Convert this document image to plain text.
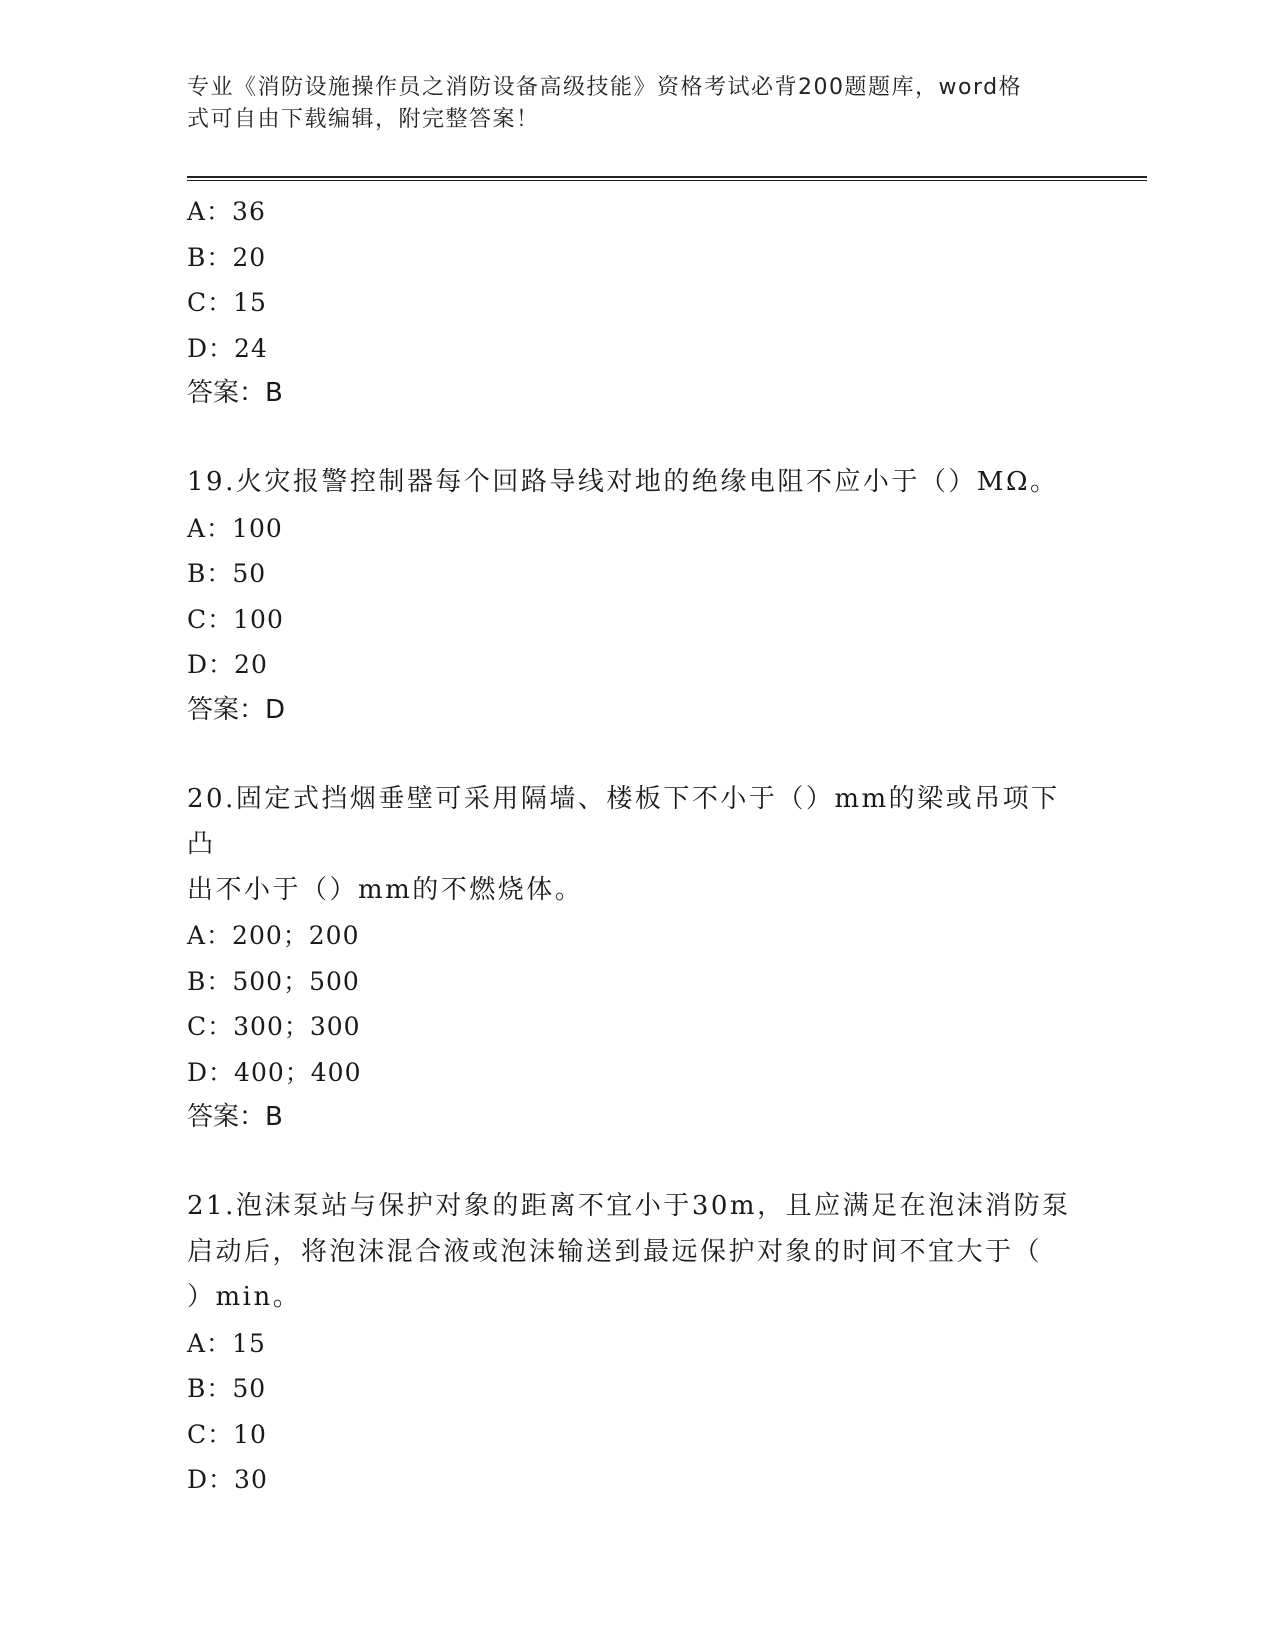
专业《消防设施操作员之消防设备高级技能》资格考试必背200题题库，word格
式可自由下载编辑，附完整答案！
A：36
B：20
C：15
D：24
答案：B
19.火灾报警控制器每个回路导线对地的绝缘电阻不应小于（）MΩ。
A：100
B：50
C：100
D：20
答案：D
20.固定式挡烟垂壁可采用隔墙、楼板下不小于（）mm的梁或吊项下凸
出不小于（）mm的不燃烧体。
A：200；200
B：500；500
C：300；300
D：400；400
答案：B
21.泡沫泵站与保护对象的距离不宜小于30m，且应满足在泡沫消防泵
启动后，将泡沫混合液或泡沫输送到最远保护对象的时间不宜大于（
）min。
A：15
B：50
C：10
D：30
